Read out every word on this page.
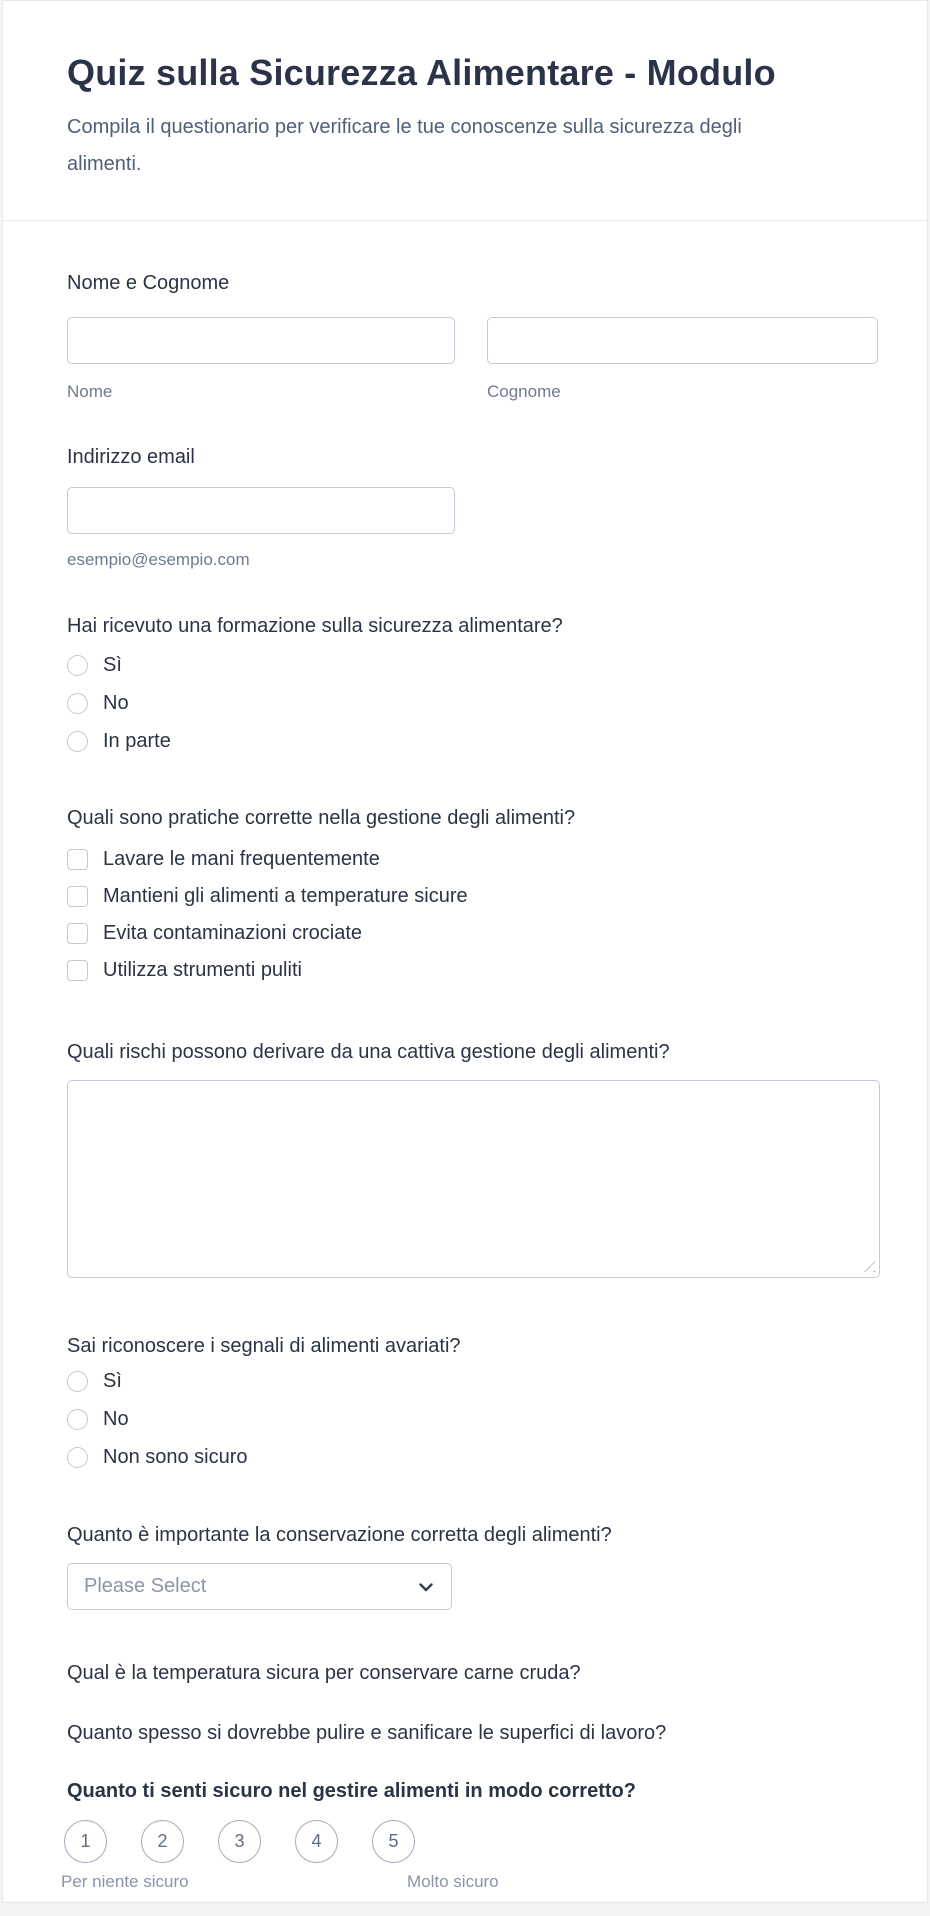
Quiz sulla Sicurezza Alimentare - Modulo
Compila il questionario per verificare le tue conoscenze sulla sicurezza degli
alimenti.
Nome e Cognome
Nome	Cognome
Indirizzo email
esempio@esempio.com
Hai ricevuto una formazione sulla sicurezza alimentare?
Sì
No
In parte
Quali sono pratiche corrette nella gestione degli alimenti?
Lavare le mani frequentemente
Mantieni gli alimenti a temperature sicure
Evita contaminazioni crociate
Utilizza strumenti puliti
Quali rischi possono derivare da una cattiva gestione degli alimenti?
Sai riconoscere i segnali di alimenti avariati?
Sì
No
Non sono sicuro
Quanto è importante la conservazione corretta degli alimenti?
Please Select
Qual è la temperatura sicura per conservare carne cruda?
Quanto spesso si dovrebbe pulire e sanificare le superfici di lavoro?
Quanto ti senti sicuro nel gestire alimenti in modo corretto?
1	2	3	4	5
Per niente sicuro	Molto sicuro
